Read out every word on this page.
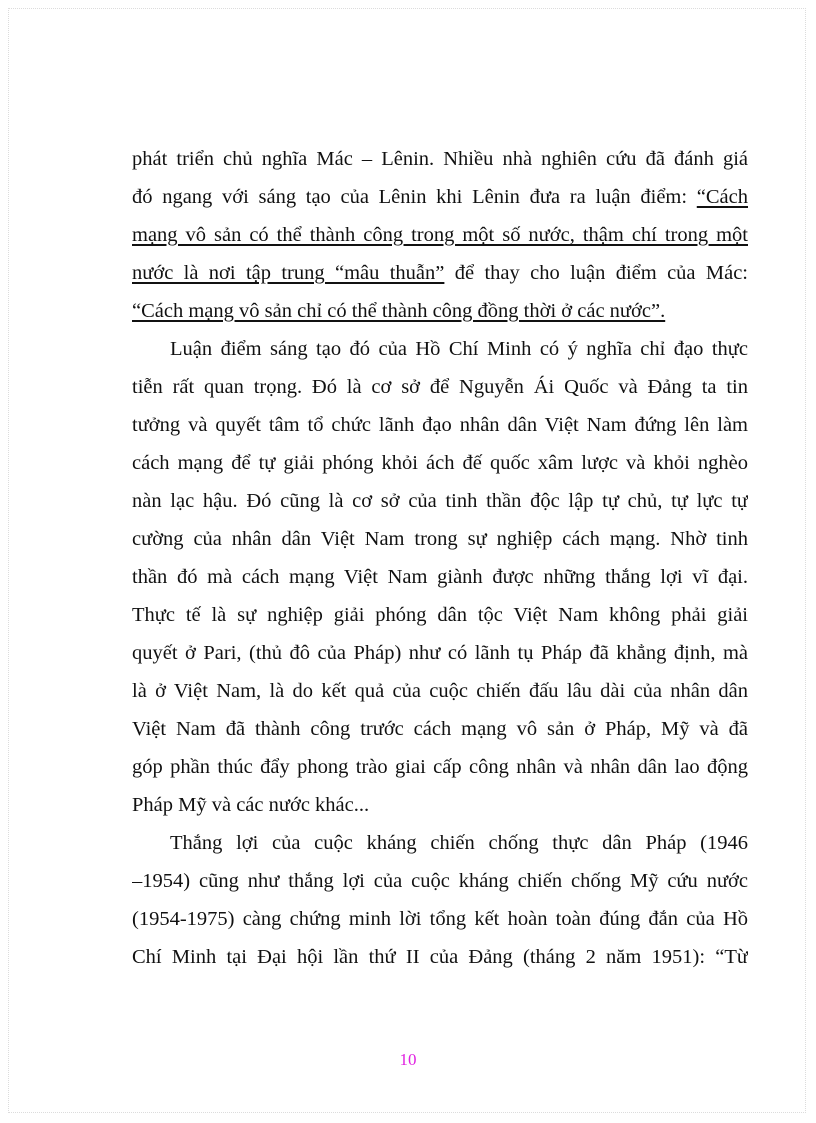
phát triển chủ nghĩa Mác – Lênin. Nhiều nhà nghiên cứu đã đánh giá
đó ngang với sáng tạo của Lênin khi Lênin đưa ra luận điểm: “Cách
mạng vô sản có thể thành công trong một số nước, thậm chí trong một
nước là nơi tập trung “mâu thuẫn” để thay cho luận điểm của Mác:
“Cách mạng vô sản chỉ có thể thành công đồng thời ở các nước”.
Luận điểm sáng tạo đó của Hồ Chí Minh có ý nghĩa chỉ đạo thực
tiễn rất quan trọng. Đó là cơ sở để Nguyễn Ái Quốc và Đảng ta tin
tưởng và quyết tâm tổ chức lãnh đạo nhân dân Việt Nam đứng lên làm
cách mạng để tự giải phóng khỏi ách đế quốc xâm lược và khỏi nghèo
nàn lạc hậu. Đó cũng là cơ sở của tinh thần độc lập tự chủ, tự lực tự
cường của nhân dân Việt Nam trong sự nghiệp cách mạng. Nhờ tinh
thần đó mà cách mạng Việt Nam giành được những thắng lợi vĩ đại.
Thực tế là sự nghiệp giải phóng dân tộc Việt Nam không phải giải
quyết ở Pari, (thủ đô của Pháp) như có lãnh tụ Pháp đã khẳng định, mà
là ở Việt Nam, là do kết quả của cuộc chiến đấu lâu dài của nhân dân
Việt Nam đã thành công trước cách mạng vô sản ở Pháp, Mỹ và đã
góp phần thúc đẩy phong trào giai cấp công nhân và nhân dân lao động
Pháp Mỹ và các nước khác...
Thắng lợi của cuộc kháng chiến chống thực dân Pháp (1946
–1954) cũng như thắng lợi của cuộc kháng chiến chống Mỹ cứu nước
(1954-1975) càng chứng minh lời tổng kết hoàn toàn đúng đắn của Hồ
Chí Minh tại Đại hội lần thứ II của Đảng (tháng 2 năm 1951): “Từ
10
